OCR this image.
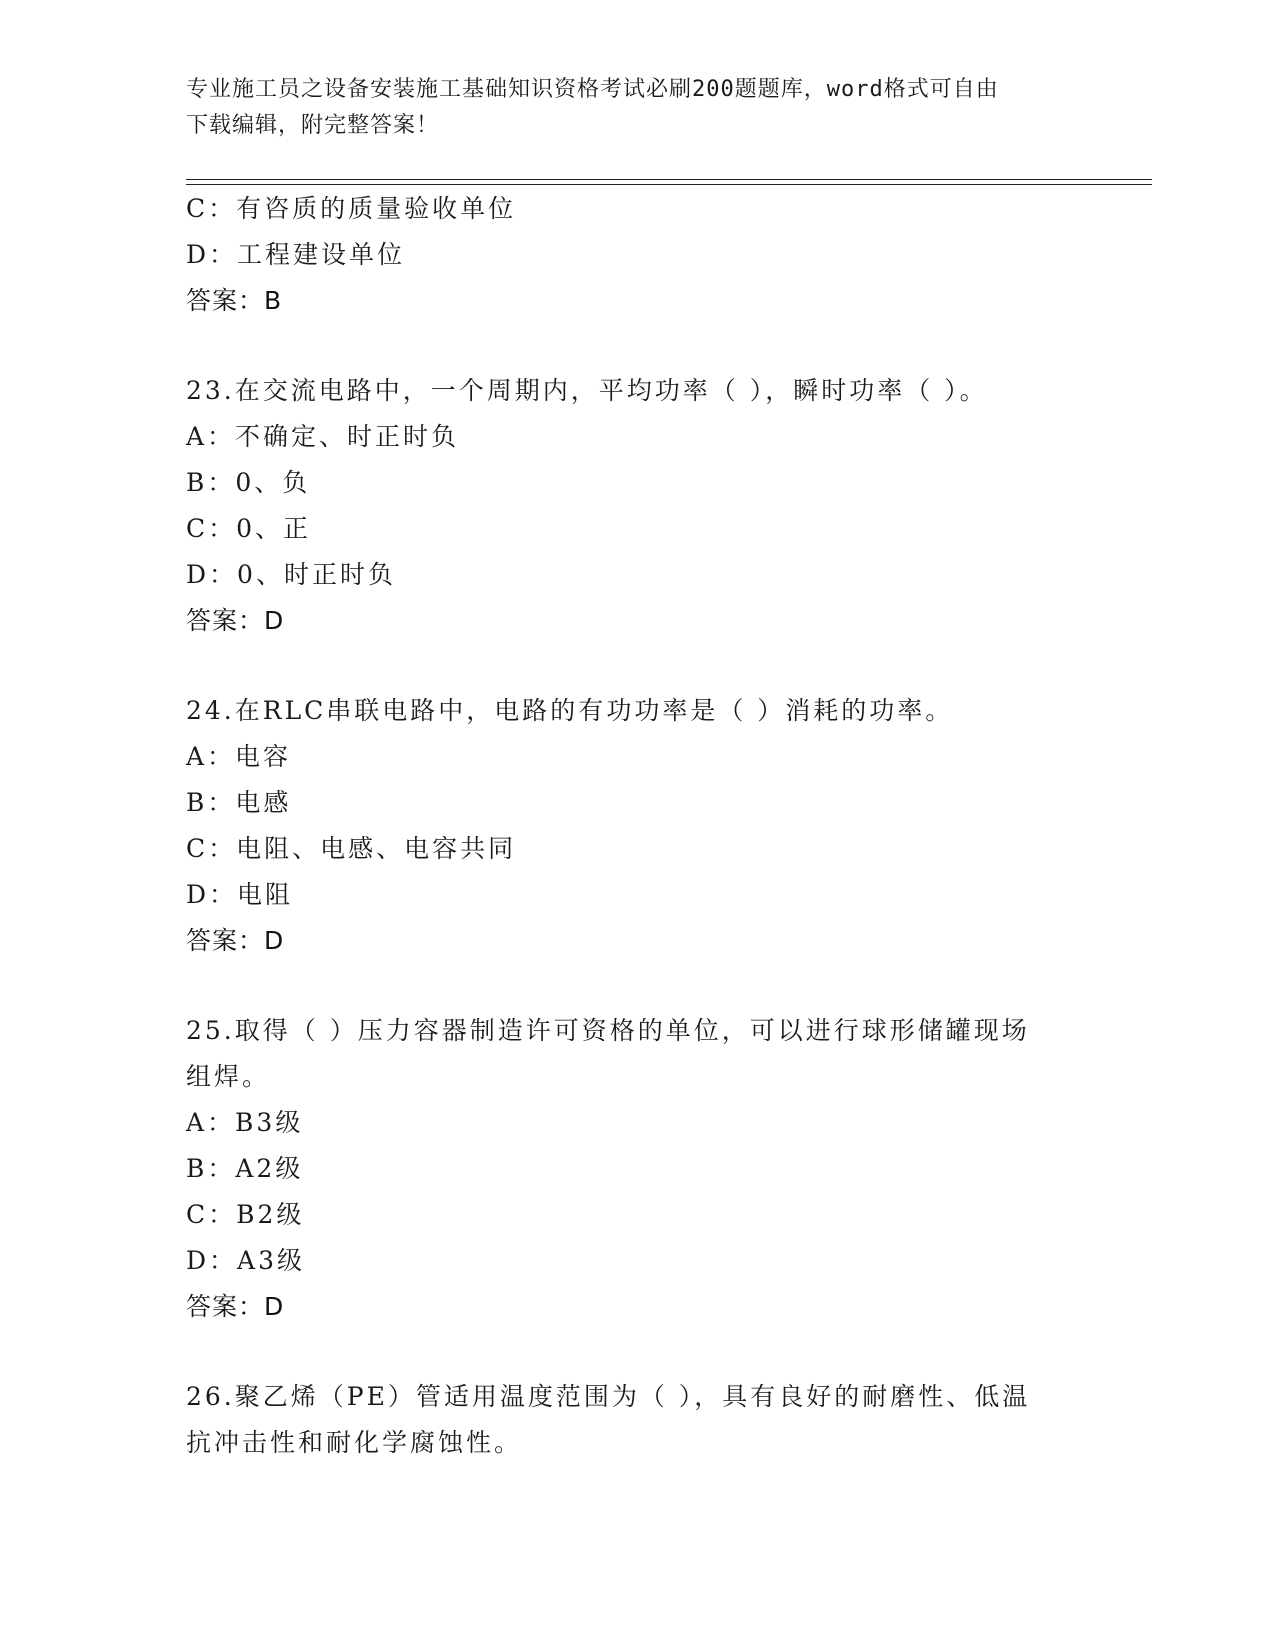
专业施工员之设备安装施工基础知识资格考试必刷200题题库，word格式可自由
下载编辑，附完整答案！
C：有咨质的质量验收单位
D：工程建设单位
答案：B
23.在交流电路中，一个周期内，平均功率（ ），瞬时功率（ ）。
A：不确定、时正时负
B：0、负
C：0、正
D：0、时正时负
答案：D
24.在RLC串联电路中，电路的有功功率是（ ）消耗的功率。
A：电容
B：电感
C：电阻、电感、电容共同
D：电阻
答案：D
25.取得（ ）压力容器制造许可资格的单位，可以进行球形储罐现场
组焊。
A：B3级
B：A2级
C：B2级
D：A3级
答案：D
26.聚乙烯（PE）管适用温度范围为（ ），具有良好的耐磨性、低温
抗冲击性和耐化学腐蚀性。
